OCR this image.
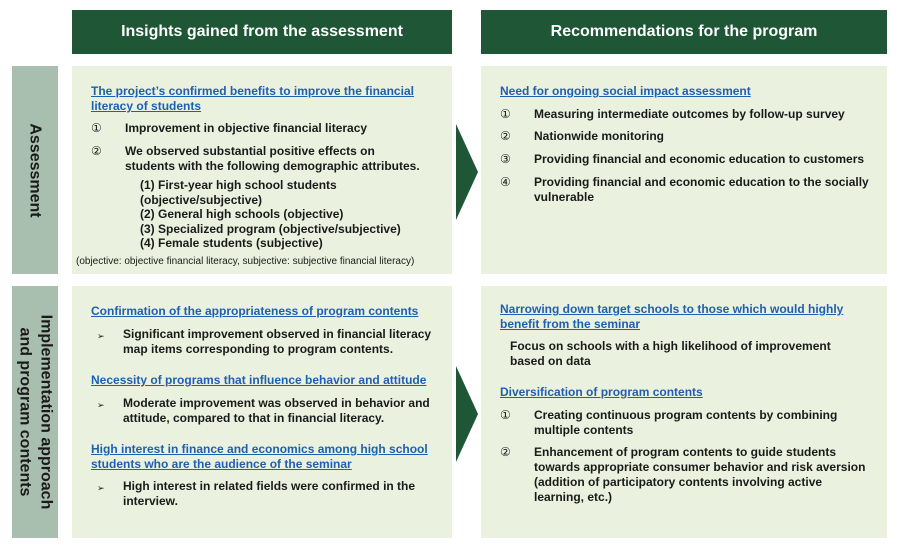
Insights gained from the assessment	Recommendations for the program
Assessment
Implementation approach
and program contents
The project’s confirmed benefits to improve the financial
literacy of students
①	Improvement in objective financial literacy
②	We observed substantial positive effects on
students with the following demographic attributes.
(1) First-year high school students
(objective/subjective)
(2) General high schools (objective)
(3) Specialized program (objective/subjective)
(4) Female students (subjective)
(objective: objective financial literacy, subjective: subjective financial literacy)
Need for ongoing social impact assessment
①	Measuring intermediate outcomes by follow-up survey
②	Nationwide monitoring
③	Providing financial and economic education to customers
④	Providing financial and economic education to the socially
vulnerable
Confirmation of the appropriateness of program contents
➢	Significant improvement observed in financial literacy
map items corresponding to program contents.
Necessity of programs that influence behavior and attitude
➢	Moderate improvement was observed in behavior and
attitude, compared to that in financial literacy.
High interest in finance and economics among high school
students who are the audience of the seminar
➢	High interest in related fields were confirmed in the
interview.
Narrowing down target schools to those which would highly
benefit from the seminar
Focus on schools with a high likelihood of improvement
based on data
Diversification of program contents
①	Creating continuous program contents by combining
multiple contents
②	Enhancement of program contents to guide students
towards appropriate consumer behavior and risk aversion
(addition of participatory contents involving active
learning, etc.)
